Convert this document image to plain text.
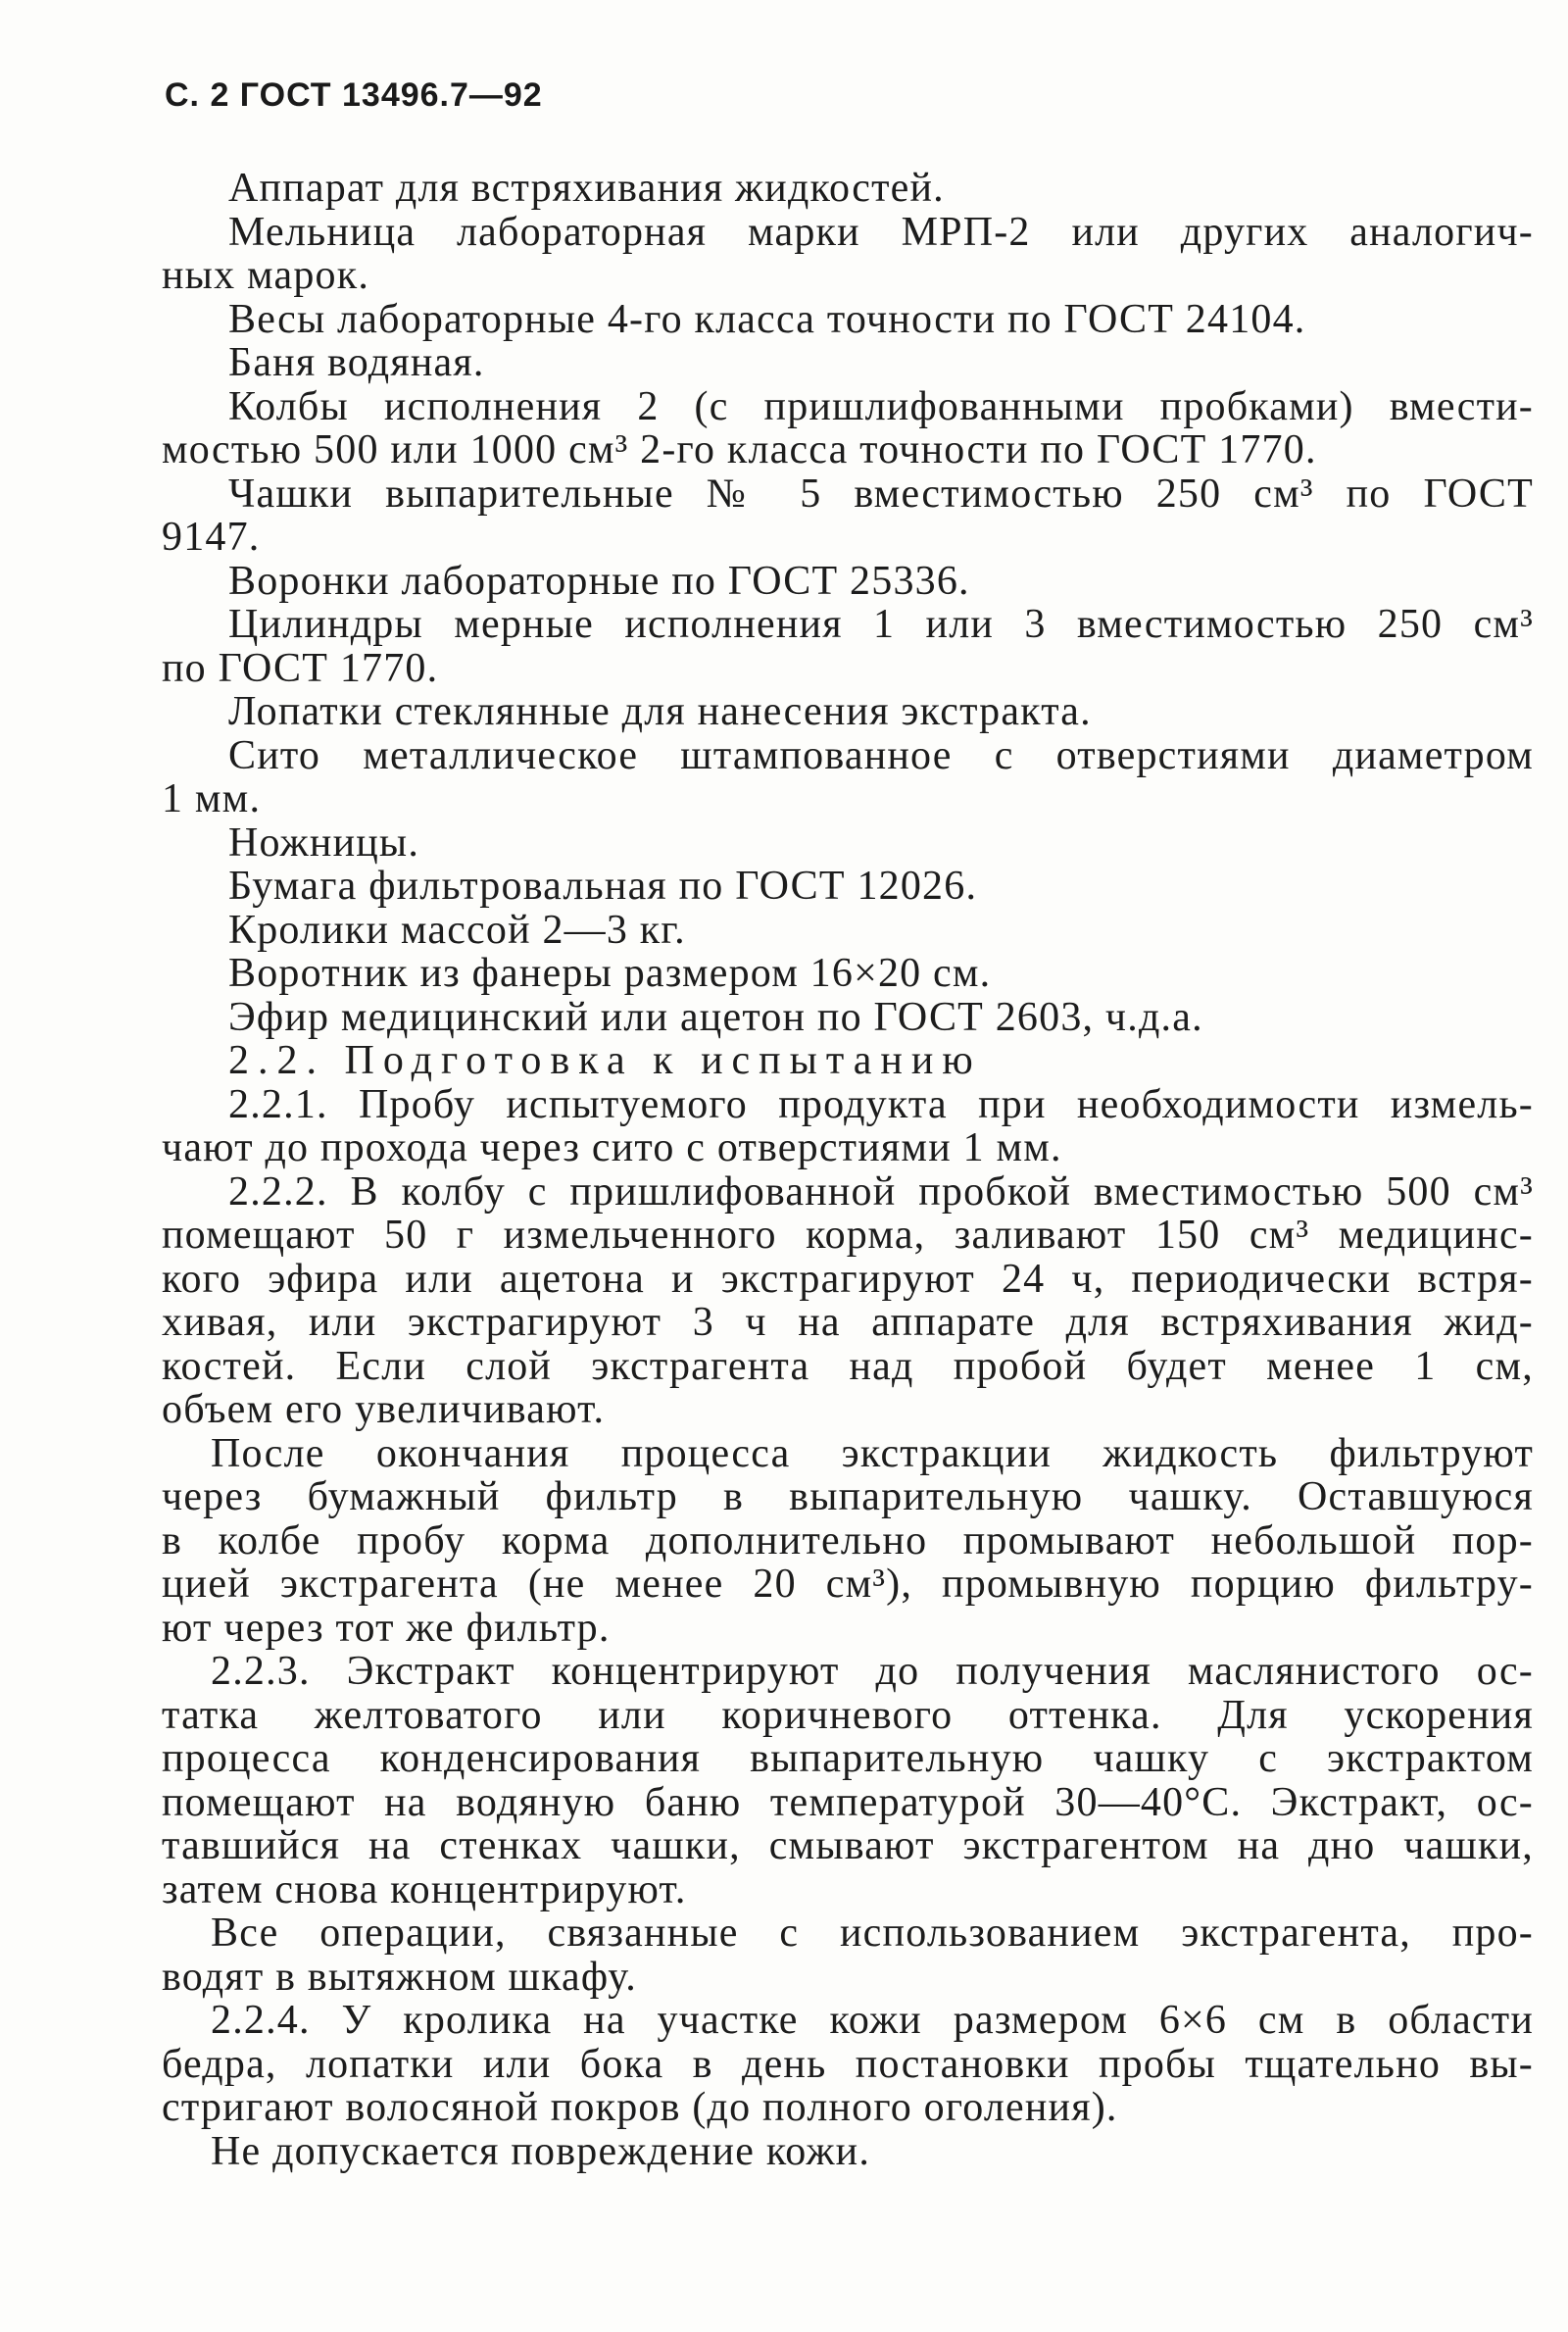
С. 2 ГОСТ 13496.7—92
Аппарат для встряхивания жидкостей.
Мельница лабораторная марки МРП-2 или других аналогич-
ных марок.
Весы лабораторные 4-го класса точности по ГОСТ 24104.
Баня водяная.
Колбы исполнения 2 (с пришлифованными пробками) вмести-
мостью 500 или 1000 см³ 2-го класса точности по ГОСТ 1770.
Чашки выпарительные № 5 вместимостью 250 см³ по ГОСТ
9147.
Воронки лабораторные по ГОСТ 25336.
Цилиндры мерные исполнения 1 или 3 вместимостью 250 см³
по ГОСТ 1770.
Лопатки стеклянные для нанесения экстракта.
Сито металлическое штампованное с отверстиями диаметром
1 мм.
Ножницы.
Бумага фильтровальная по ГОСТ 12026.
Кролики массой 2—3 кг.
Воротник из фанеры размером 16×20 см.
Эфир медицинский или ацетон по ГОСТ 2603, ч.д.а.
2.2. Подготовка к испытанию
2.2.1. Пробу испытуемого продукта при необходимости измель-
чают до прохода через сито с отверстиями 1 мм.
2.2.2. В колбу с пришлифованной пробкой вместимостью 500 см³
помещают 50 г измельченного корма, заливают 150 см³ медицинс-
кого эфира или ацетона и экстрагируют 24 ч, периодически встря-
хивая, или экстрагируют 3 ч на аппарате для встряхивания жид-
костей. Если слой экстрагента над пробой будет менее 1 см,
объем его увеличивают.
После окончания процесса экстракции жидкость фильтруют
через бумажный фильтр в выпарительную чашку. Оставшуюся
в колбе пробу корма дополнительно промывают небольшой пор-
цией экстрагента (не менее 20 см³), промывную порцию фильтру-
ют через тот же фильтр.
2.2.3. Экстракт концентрируют до получения маслянистого ос-
татка желтоватого или коричневого оттенка. Для ускорения
процесса конденсирования выпарительную чашку с экстрактом
помещают на водяную баню температурой 30—40°С. Экстракт, ос-
тавшийся на стенках чашки, смывают экстрагентом на дно чашки,
затем снова концентрируют.
Все операции, связанные с использованием экстрагента, про-
водят в вытяжном шкафу.
2.2.4. У кролика на участке кожи размером 6×6 см в области
бедра, лопатки или бока в день постановки пробы тщательно вы-
стригают волосяной покров (до полного оголения).
Не допускается повреждение кожи.
